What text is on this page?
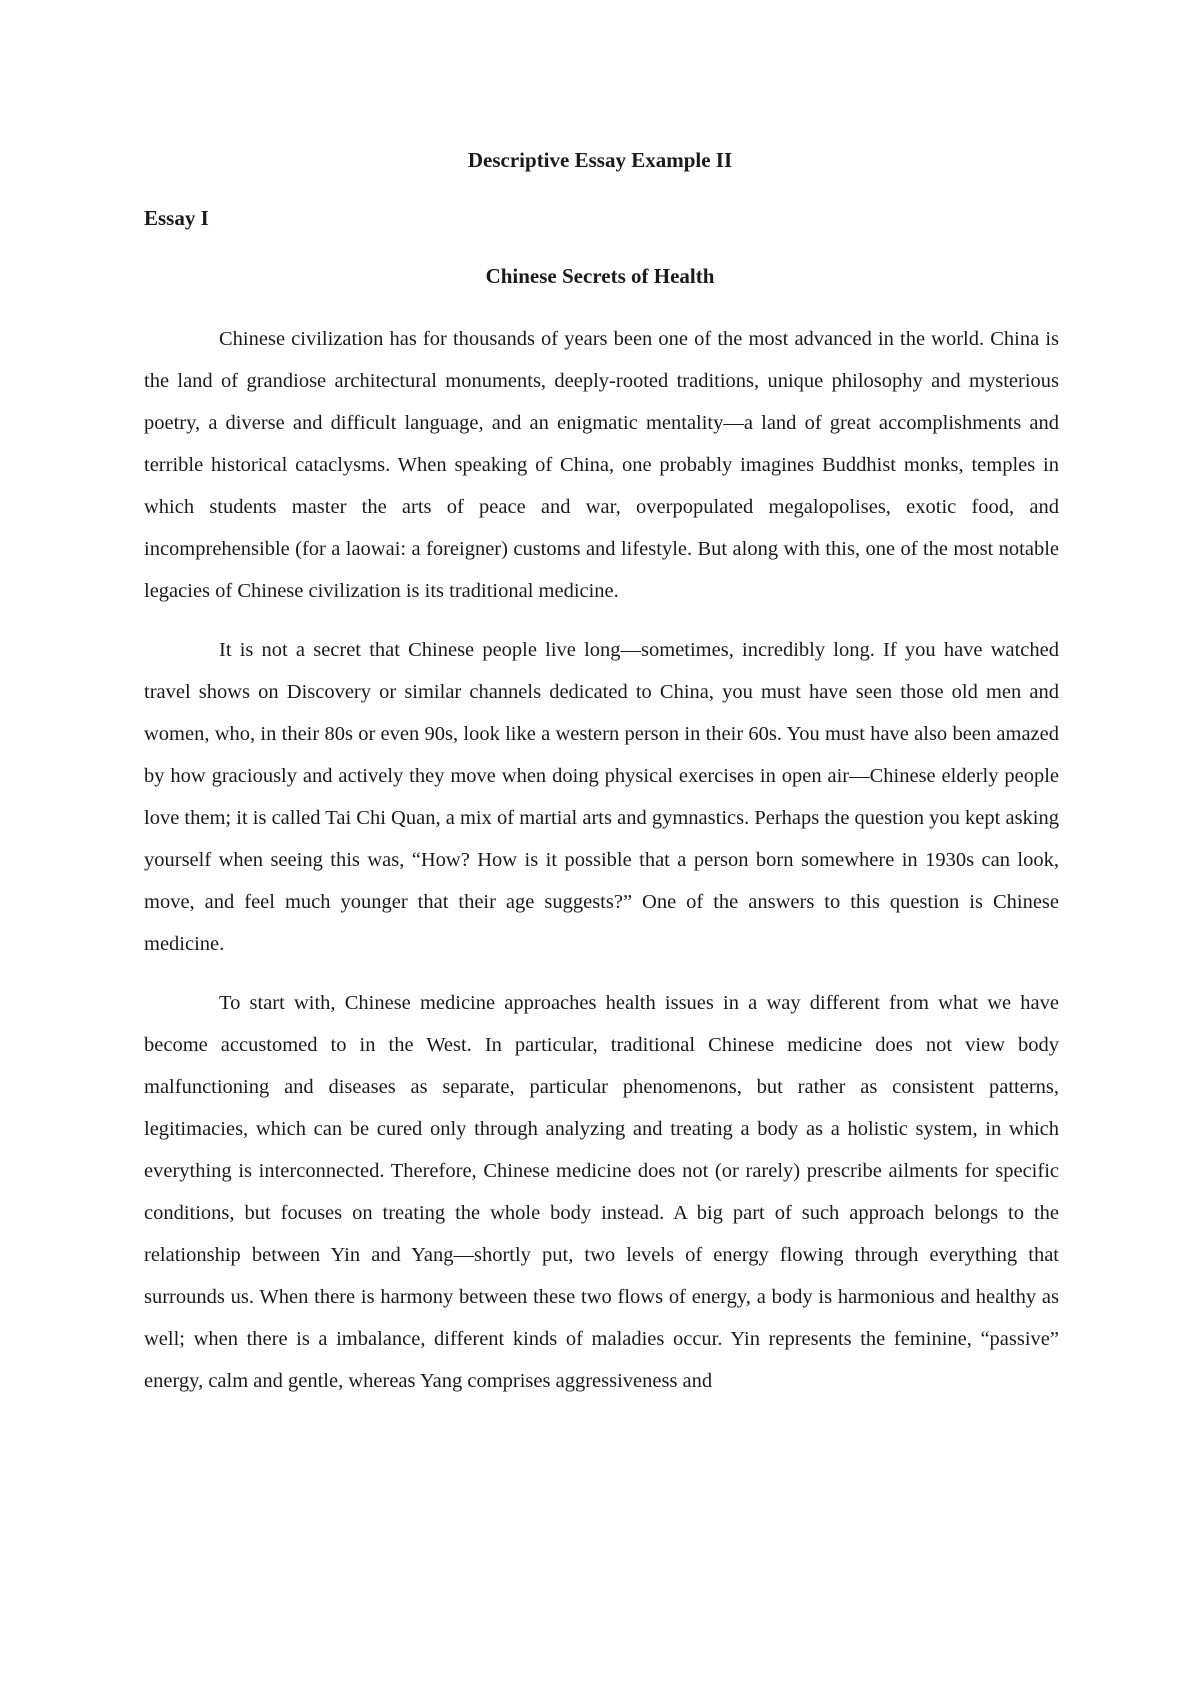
Descriptive Essay Example II
Essay I
Chinese Secrets of Health

Chinese civilization has for thousands of years been one of the most advanced in the world. China is the land of grandiose architectural monuments, deeply-rooted traditions, unique philosophy and mysterious poetry, a diverse and difficult language, and an enigmatic mentality—a land of great accomplishments and terrible historical cataclysms. When speaking of China, one probably imagines Buddhist monks, temples in which students master the arts of peace and war, overpopulated megalopolises, exotic food, and incomprehensible (for a laowai: a foreigner) customs and lifestyle. But along with this, one of the most notable legacies of Chinese civilization is its traditional medicine.

It is not a secret that Chinese people live long—sometimes, incredibly long. If you have watched travel shows on Discovery or similar channels dedicated to China, you must have seen those old men and women, who, in their 80s or even 90s, look like a western person in their 60s. You must have also been amazed by how graciously and actively they move when doing physical exercises in open air—Chinese elderly people love them; it is called Tai Chi Quan, a mix of martial arts and gymnastics. Perhaps the question you kept asking yourself when seeing this was, “How? How is it possible that a person born somewhere in 1930s can look, move, and feel much younger that their age suggests?” One of the answers to this question is Chinese medicine.

To start with, Chinese medicine approaches health issues in a way different from what we have become accustomed to in the West. In particular, traditional Chinese medicine does not view body malfunctioning and diseases as separate, particular phenomenons, but rather as consistent patterns, legitimacies, which can be cured only through analyzing and treating a body as a holistic system, in which everything is interconnected. Therefore, Chinese medicine does not (or rarely) prescribe ailments for specific conditions, but focuses on treating the whole body instead. A big part of such approach belongs to the relationship between Yin and Yang—shortly put, two levels of energy flowing through everything that surrounds us. When there is harmony between these two flows of energy, a body is harmonious and healthy as well; when there is a imbalance, different kinds of maladies occur. Yin represents the feminine, “passive” energy, calm and gentle, whereas Yang comprises aggressiveness and
